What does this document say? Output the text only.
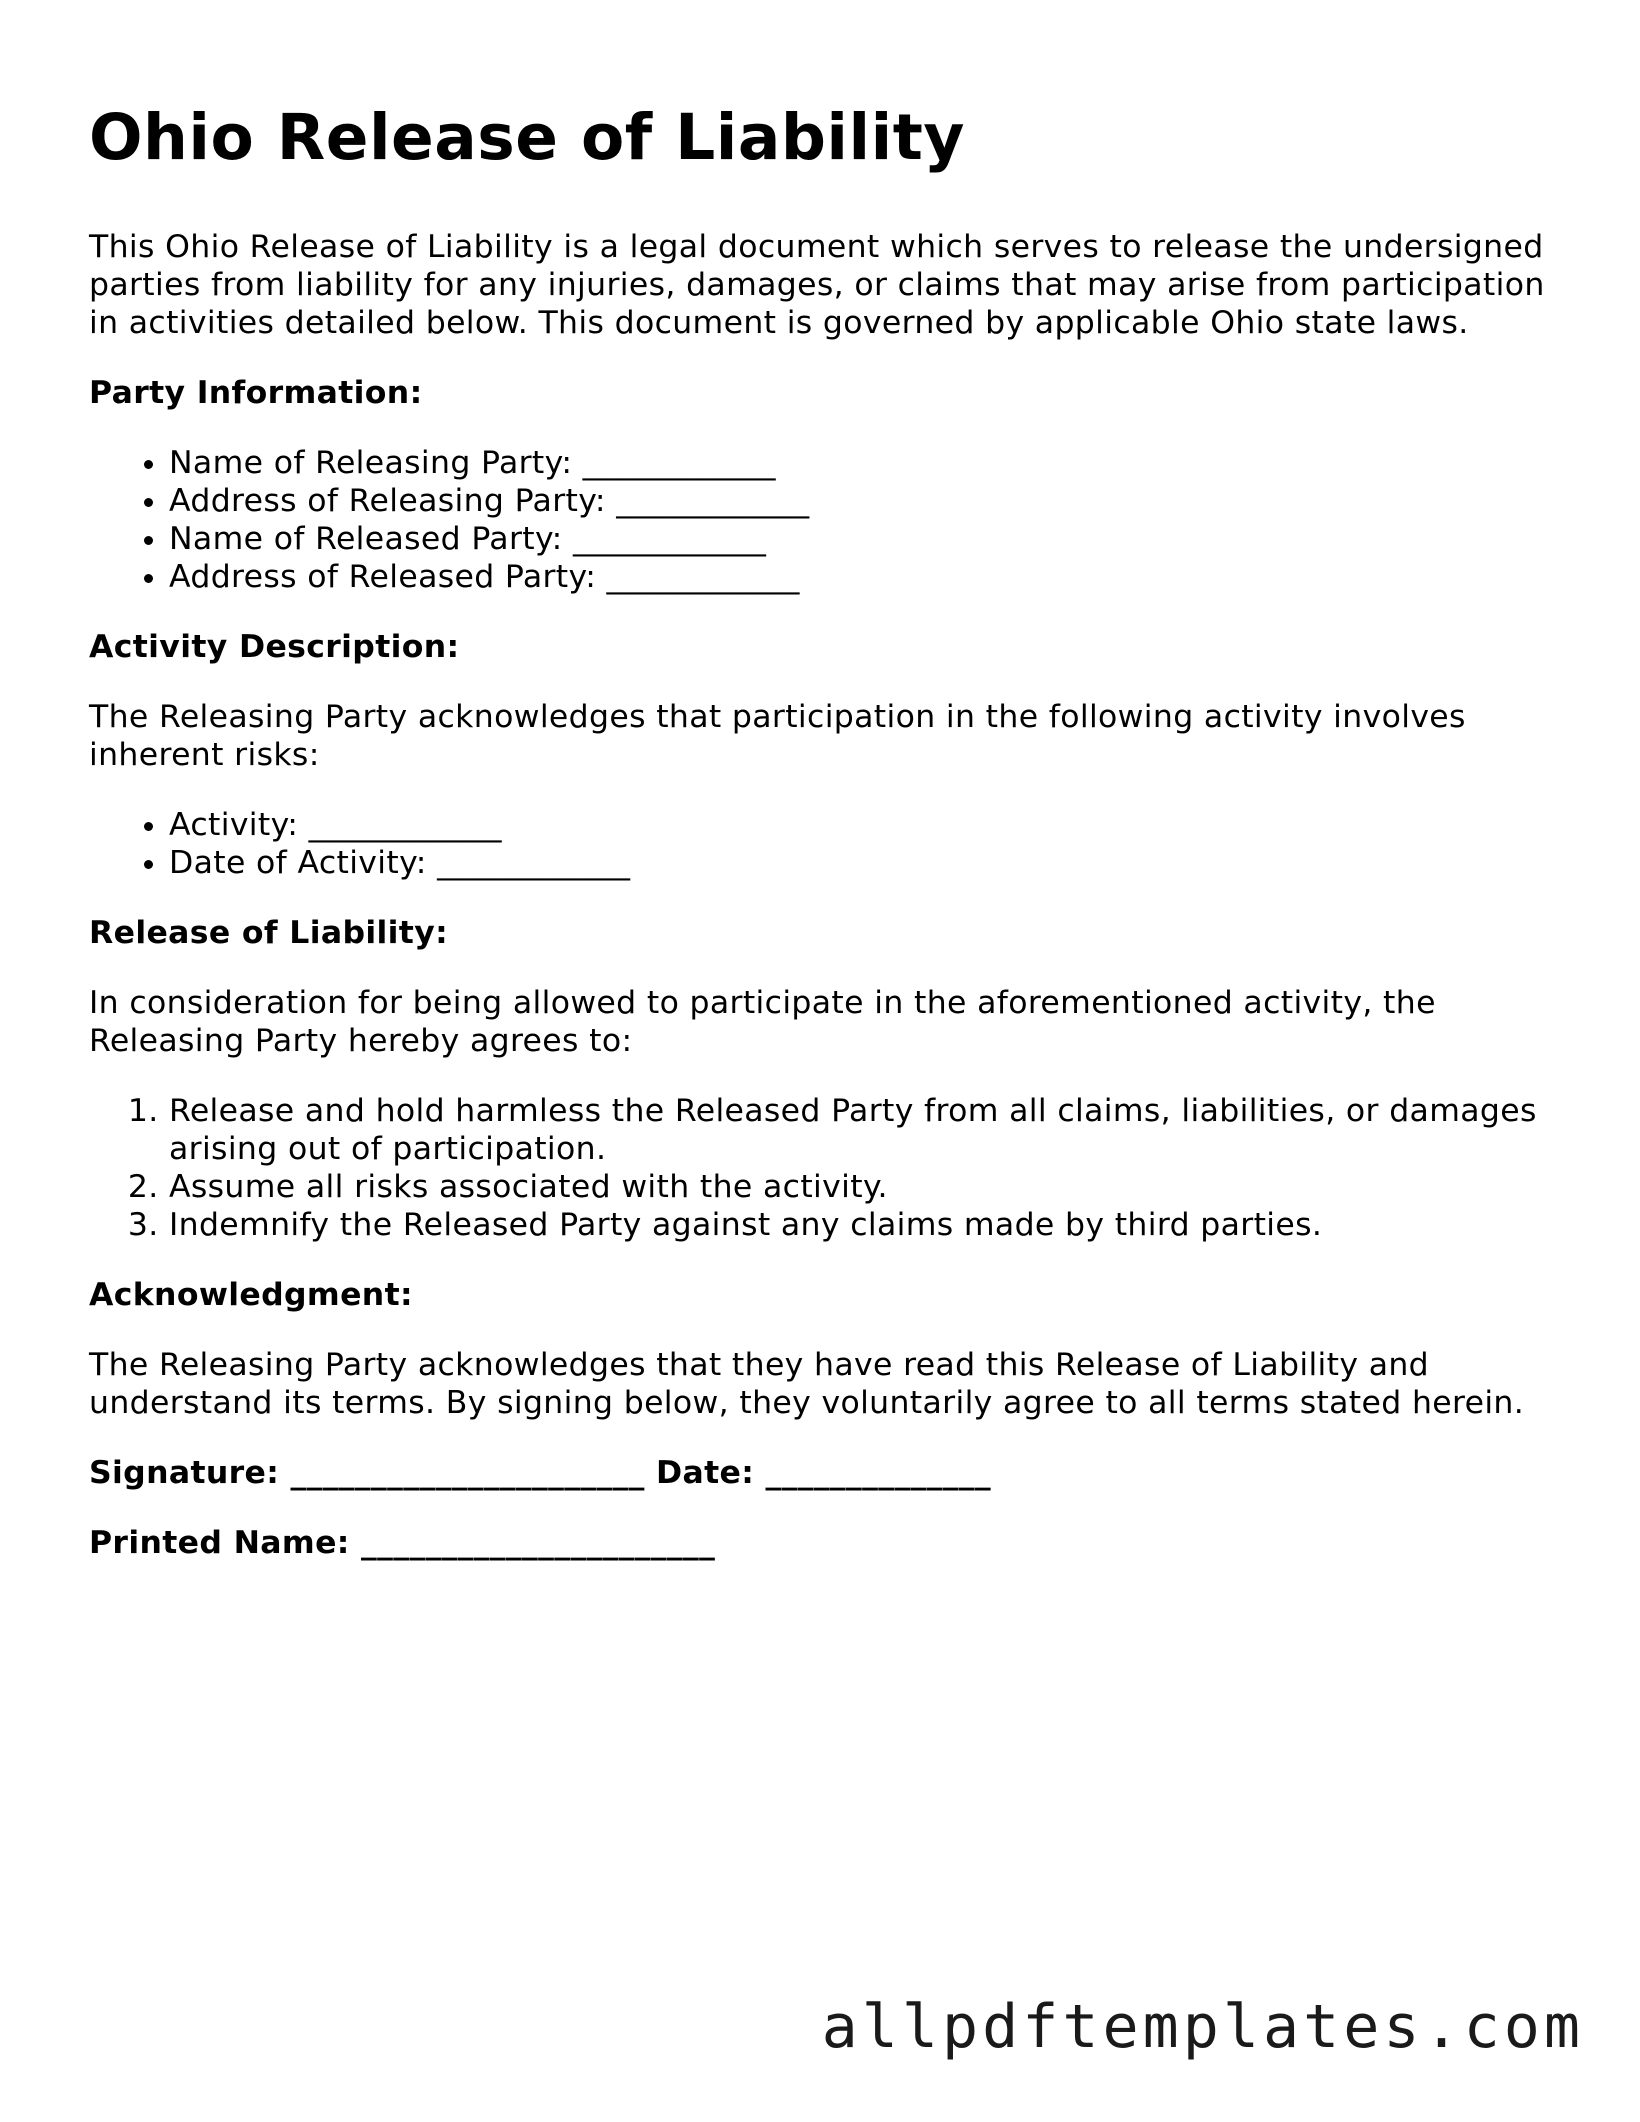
Ohio Release of Liability

This Ohio Release of Liability is a legal document which serves to release the undersigned parties from liability for any injuries, damages, or claims that may arise from participation in activities detailed below. This document is governed by applicable Ohio state laws.

Party Information:
• Name of Releasing Party: ____________
• Address of Releasing Party: ____________
• Name of Released Party: ____________
• Address of Released Party: ____________
Activity Description:

The Releasing Party acknowledges that participation in the following activity involves inherent risks:

• Activity: ____________
• Date of Activity: ____________
Release of Liability:

In consideration for being allowed to participate in the aforementioned activity, the Releasing Party hereby agrees to:

1. Release and hold harmless the Released Party from all claims, liabilities, or damages arising out of participation.
2. Assume all risks associated with the activity.
3. Indemnify the Released Party against any claims made by third parties.
Acknowledgment:

The Releasing Party acknowledges that they have read this Release of Liability and understand its terms. By signing below, they voluntarily agree to all terms stated herein.

Signature: ______________________ Date: ______________
Printed Name: ______________________
allpdftemplates.com
